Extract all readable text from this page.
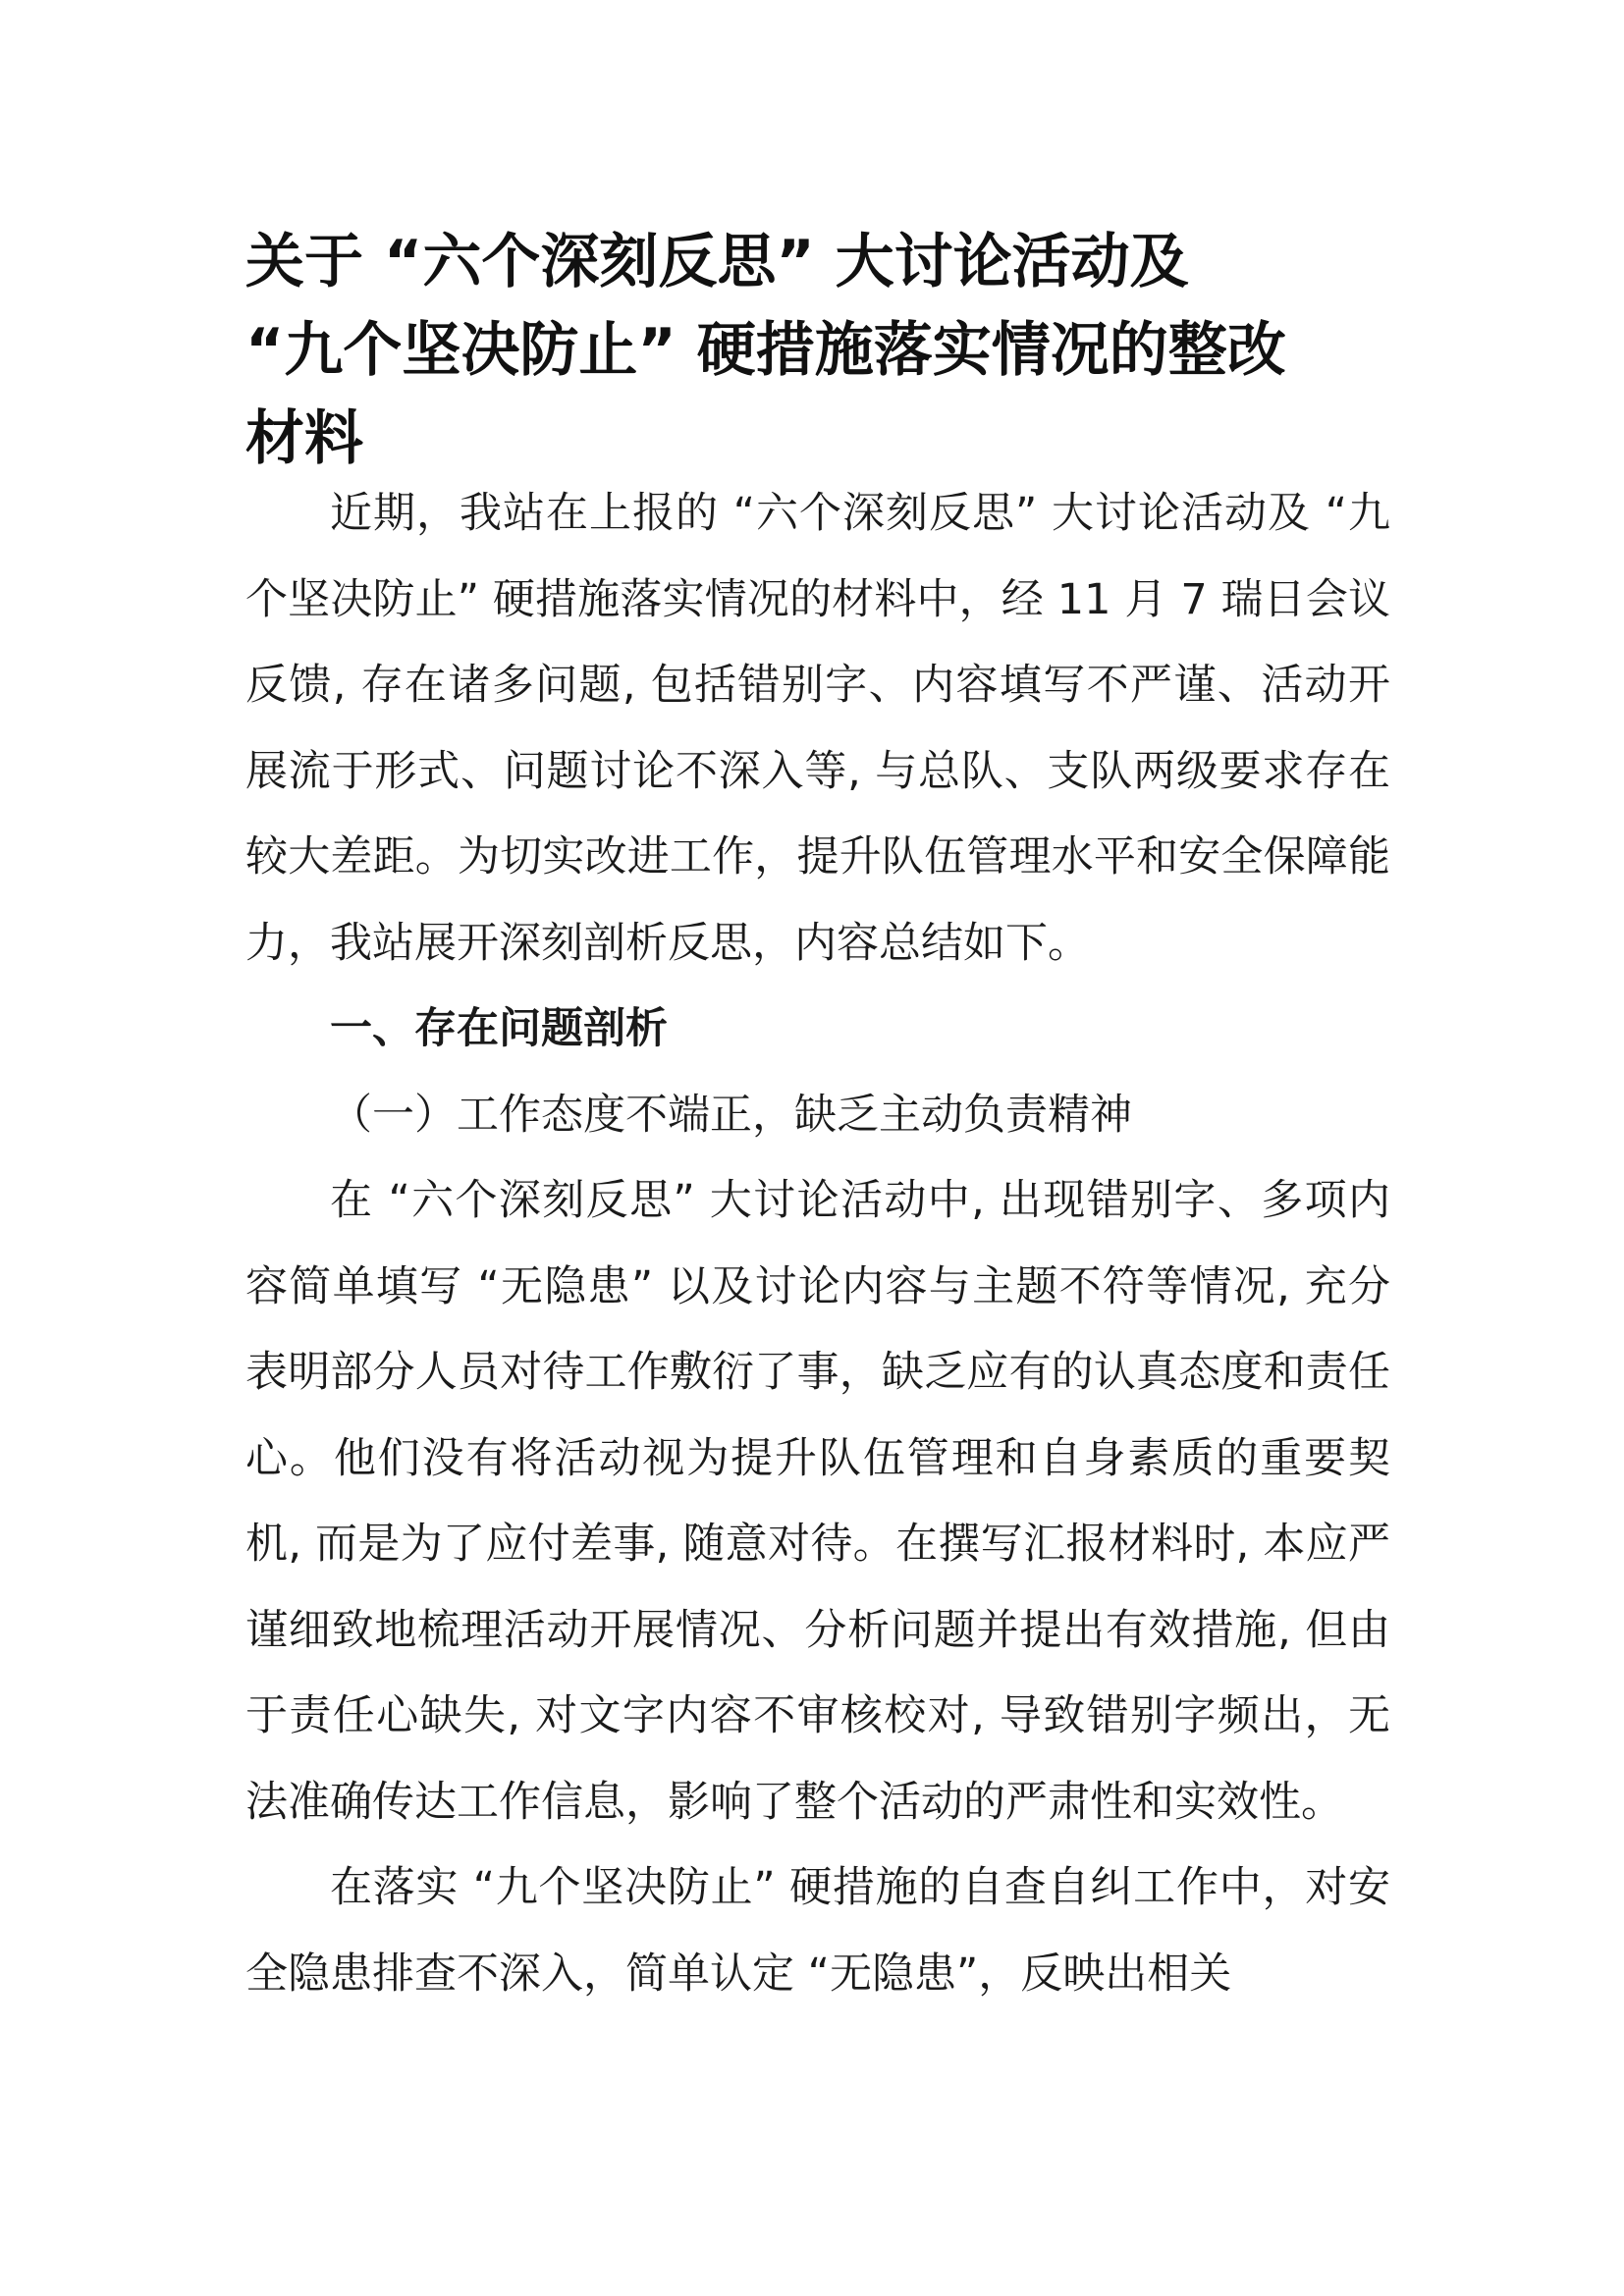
关于 “六个深刻反思” 大讨论活动及
“九个坚决防止” 硬措施落实情况的整改
材料

近期，我站在上报的 “六个深刻反思” 大讨论活动及 “九个坚决防止” 硬措施落实情况的材料中，经 11 月 7 瑞日会议反馈, 存在诸多问题, 包括错别字、内容填写不严谨、活动开展流于形式、问题讨论不深入等, 与总队、支队两级要求存在较大差距。为切实改进工作，提升队伍管理水平和安全保障能力，我站展开深刻剖析反思，内容总结如下。

一、存在问题剖析

（一）工作态度不端正，缺乏主动负责精神

在 “六个深刻反思” 大讨论活动中, 出现错别字、多项内容简单填写 “无隐患” 以及讨论内容与主题不符等情况, 充分表明部分人员对待工作敷衍了事，缺乏应有的认真态度和责任心。他们没有将活动视为提升队伍管理和自身素质的重要契机, 而是为了应付差事, 随意对待。在撰写汇报材料时, 本应严谨细致地梳理活动开展情况、分析问题并提出有效措施, 但由于责任心缺失, 对文字内容不审核校对, 导致错别字频出，无法准确传达工作信息，影响了整个活动的严肃性和实效性。

在落实 “九个坚决防止” 硬措施的自查自纠工作中，对安全隐患排查不深入，简单认定 “无隐患”，反映出相关
